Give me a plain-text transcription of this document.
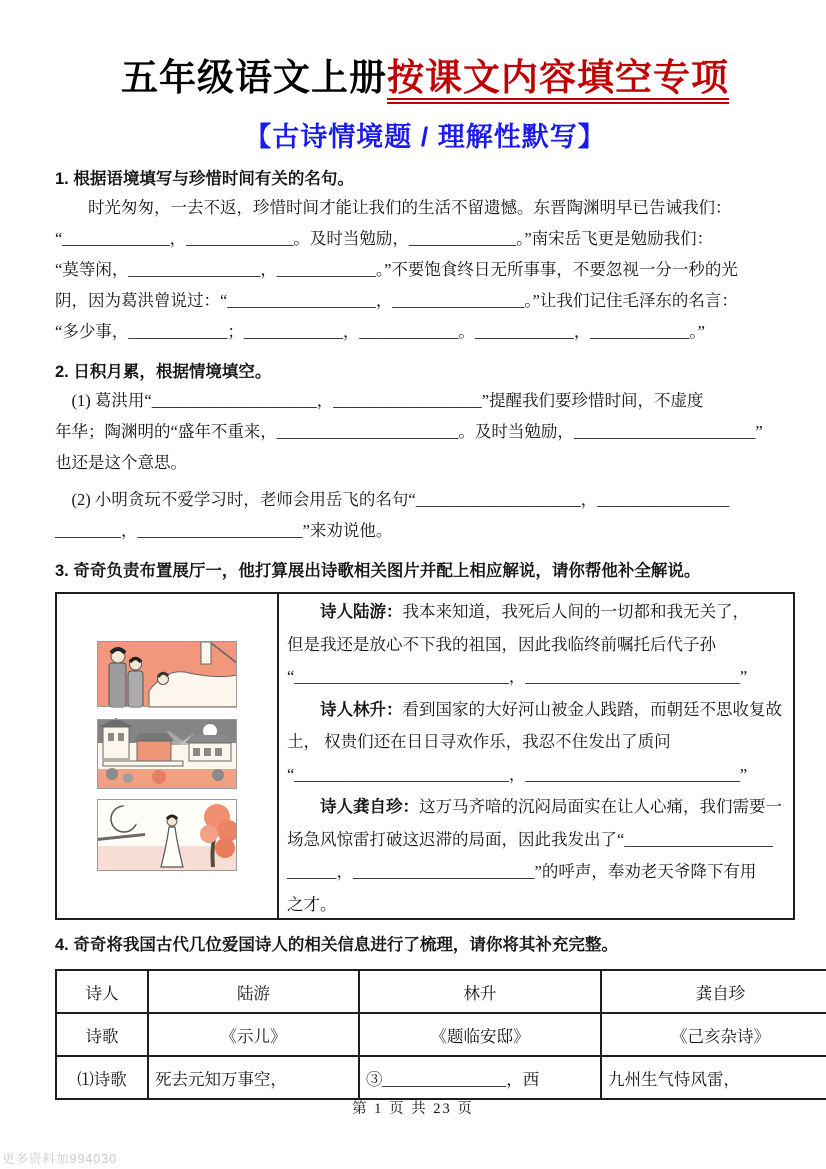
五年级语文上册按课文内容填空专项
【古诗情境题 / 理解性默写】
1. 根据语境填写与珍惜时间有关的名句。
时光匆匆，一去不返，珍惜时间才能让我们的生活不留遗憾。东晋陶渊明早已告诫我们：
“_____________，_____________。及时当勉励，_____________。”南宋岳飞更是勉励我们：
“莫等闲，________________，____________。”不要饱食终日无所事事，不要忽视一分一秒的光
阴，因为葛洪曾说过：“__________________，________________。”让我们记住毛泽东的名言：
“多少事，____________；____________，____________。____________，____________。”
2. 日积月累，根据情境填空。
(1) 葛洪用“____________________，__________________”提醒我们要珍惜时间，不虚度
年华；陶渊明的“盛年不重来，______________________。及时当勉励，______________________”
也还是这个意思。
(2) 小明贪玩不爱学习时，老师会用岳飞的名句“____________________，________________
________，____________________”来劝说他。
3. 奇奇负责布置展厅一，他打算展出诗歌相关图片并配上相应解说，请你帮他补全解说。
诗人陆游：我本来知道，我死后人间的一切都和我无关了，
但是我还是放心不下我的祖国，因此我临终前嘱托后代子孙
“__________________________，__________________________”
诗人林升：看到国家的大好河山被金人践踏，而朝廷不思收复故
土， 权贵们还在日日寻欢作乐，我忍不住发出了质问
“__________________________，__________________________”
诗人龚自珍：这万马齐喑的沉闷局面实在让人心痛，我们需要一
场急风惊雷打破这迟滞的局面，因此我发出了“__________________
______，______________________”的呼声，奉劝老天爷降下有用
之才。
4. 奇奇将我国古代几位爱国诗人的相关信息进行了梳理，请你将其补充完整。
诗人	陆游	林升	龚自珍
诗歌	《示儿》	《题临安邸》	《己亥杂诗》
⑴诗歌	死去元知万事空，	③_______________，西	九州生气恃风雷，
第 1 页 共 23 页
更多资料加994030
